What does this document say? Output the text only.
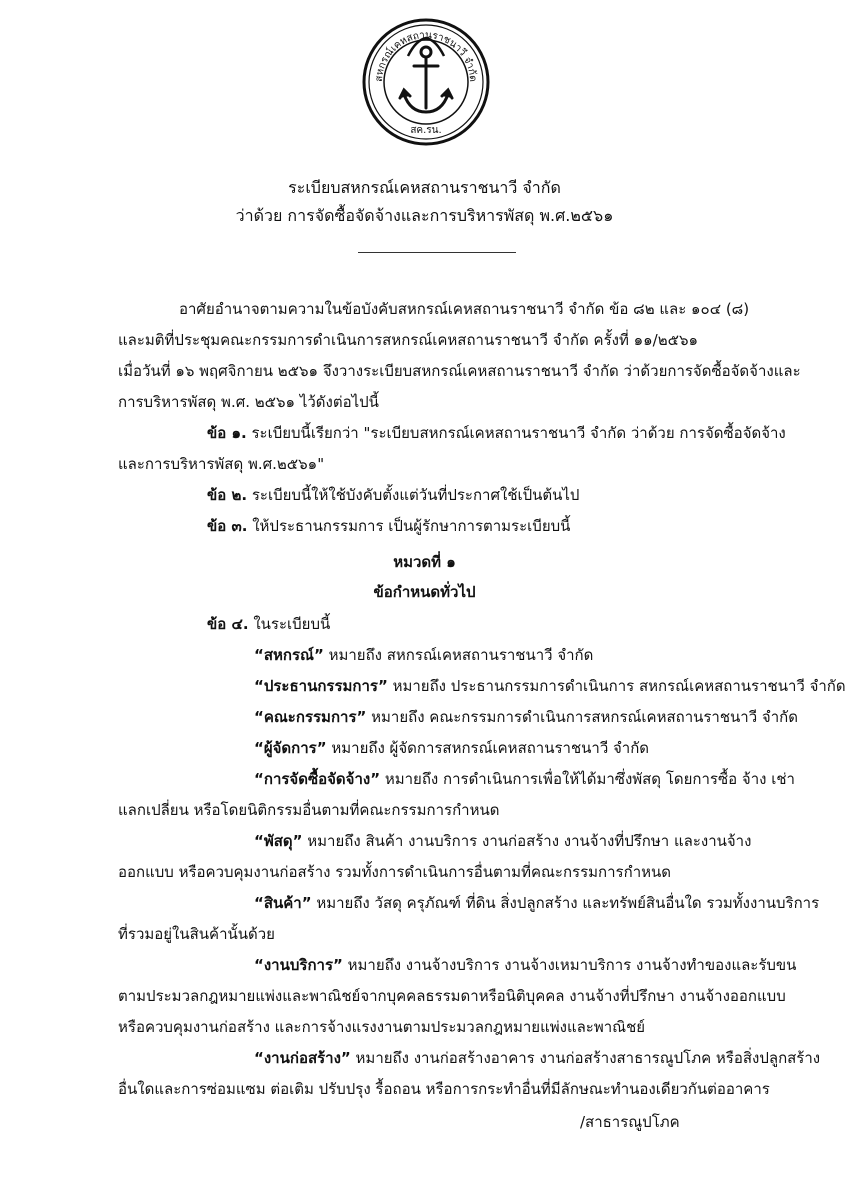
สหกรณ์เคหสถานราชนาวี จำกัด
สค.รน.
ระเบียบสหกรณ์เคหสถานราชนาวี จำกัด
ว่าด้วย การจัดซื้อจัดจ้างและการบริหารพัสดุ พ.ศ.๒๕๖๑
อาศัยอำนาจตามความในข้อบังคับสหกรณ์เคหสถานราชนาวี จำกัด ข้อ ๘๒ และ ๑๐๔ (๘)
และมติที่ประชุมคณะกรรมการดำเนินการสหกรณ์เคหสถานราชนาวี จำกัด ครั้งที่ ๑๑/๒๕๖๑
เมื่อวันที่ ๑๖ พฤศจิกายน ๒๕๖๑ จึงวางระเบียบสหกรณ์เคหสถานราชนาวี จำกัด ว่าด้วยการจัดซื้อจัดจ้างและ
การบริหารพัสดุ พ.ศ. ๒๕๖๑ ไว้ดังต่อไปนี้
ข้อ ๑. ระเบียบนี้เรียกว่า "ระเบียบสหกรณ์เคหสถานราชนาวี จำกัด ว่าด้วย การจัดซื้อจัดจ้าง
และการบริหารพัสดุ พ.ศ.๒๕๖๑"
ข้อ ๒. ระเบียบนี้ให้ใช้บังคับตั้งแต่วันที่ประกาศใช้เป็นต้นไป
ข้อ ๓. ให้ประธานกรรมการ เป็นผู้รักษาการตามระเบียบนี้
หมวดที่ ๑
ข้อกำหนดทั่วไป
ข้อ ๔. ในระเบียบนี้
“สหกรณ์” หมายถึง สหกรณ์เคหสถานราชนาวี จำกัด
“ประธานกรรมการ” หมายถึง ประธานกรรมการดำเนินการ สหกรณ์เคหสถานราชนาวี จำกัด
“คณะกรรมการ” หมายถึง คณะกรรมการดำเนินการสหกรณ์เคหสถานราชนาวี จำกัด
“ผู้จัดการ” หมายถึง ผู้จัดการสหกรณ์เคหสถานราชนาวี จำกัด
“การจัดซื้อจัดจ้าง” หมายถึง การดำเนินการเพื่อให้ได้มาซึ่งพัสดุ โดยการซื้อ จ้าง เช่า
แลกเปลี่ยน หรือโดยนิติกรรมอื่นตามที่คณะกรรมการกำหนด
“พัสดุ” หมายถึง สินค้า งานบริการ งานก่อสร้าง งานจ้างที่ปรึกษา และงานจ้าง
ออกแบบ หรือควบคุมงานก่อสร้าง รวมทั้งการดำเนินการอื่นตามที่คณะกรรมการกำหนด
“สินค้า” หมายถึง วัสดุ ครุภัณฑ์ ที่ดิน สิ่งปลูกสร้าง และทรัพย์สินอื่นใด รวมทั้งงานบริการ
ที่รวมอยู่ในสินค้านั้นด้วย
“งานบริการ” หมายถึง งานจ้างบริการ งานจ้างเหมาบริการ งานจ้างทำของและรับขน
ตามประมวลกฎหมายแพ่งและพาณิชย์จากบุคคลธรรมดาหรือนิติบุคคล งานจ้างที่ปรึกษา งานจ้างออกแบบ
หรือควบคุมงานก่อสร้าง และการจ้างแรงงานตามประมวลกฎหมายแพ่งและพาณิชย์
“งานก่อสร้าง” หมายถึง งานก่อสร้างอาคาร งานก่อสร้างสาธารณูปโภค หรือสิ่งปลูกสร้าง
อื่นใดและการซ่อมแซม ต่อเติม ปรับปรุง รื้อถอน หรือการกระทำอื่นที่มีลักษณะทำนองเดียวกันต่ออาคาร
/สาธารณูปโภค
